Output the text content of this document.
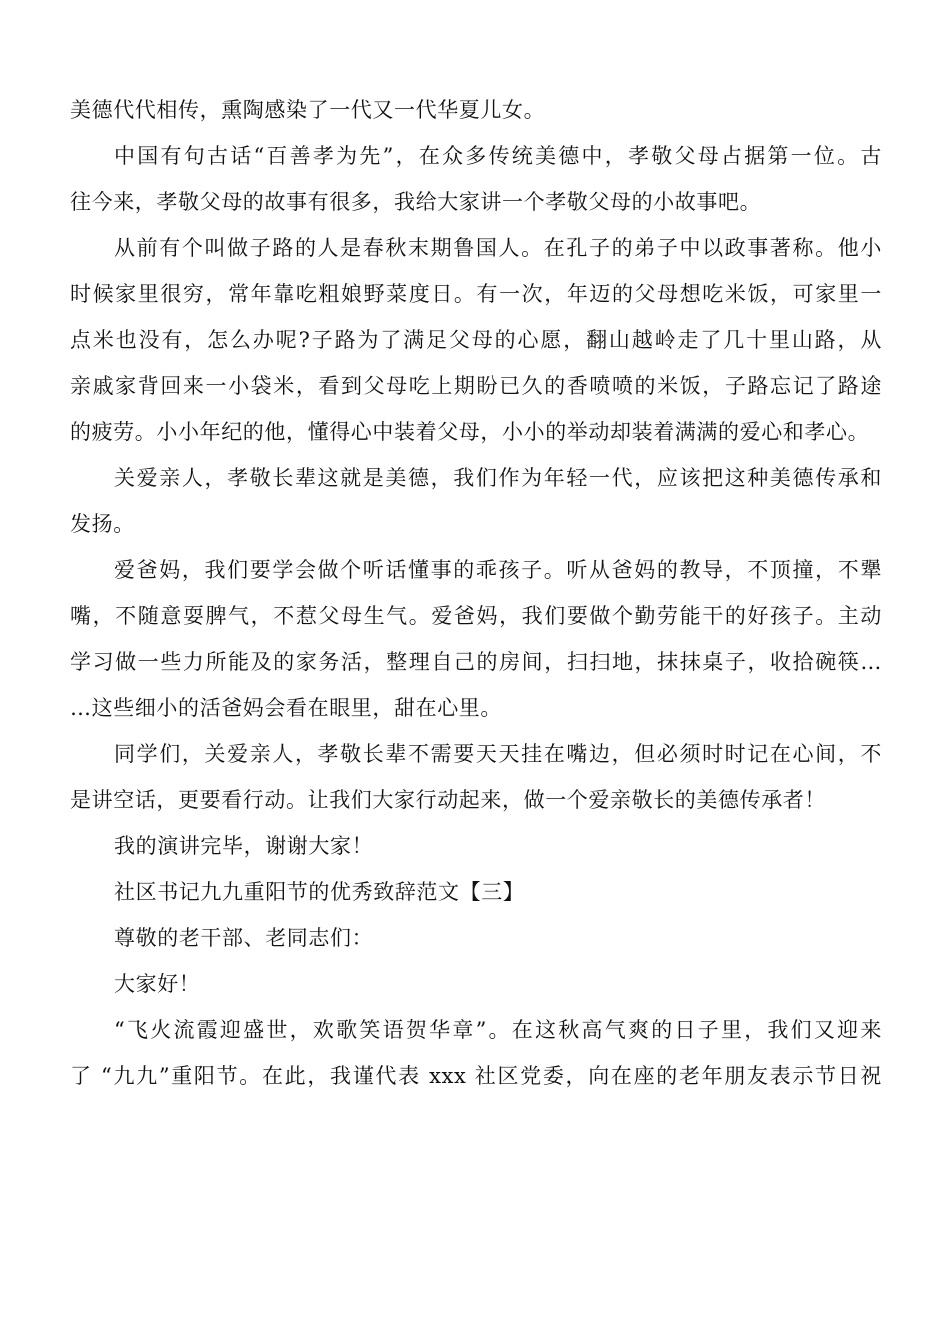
美德代代相传，熏陶感染了一代又一代华夏儿女。
中国有句古话“百善孝为先”，在众多传统美德中，孝敬父母占据第一位。古
往今来，孝敬父母的故事有很多，我给大家讲一个孝敬父母的小故事吧。
从前有个叫做子路的人是春秋末期鲁国人。在孔子的弟子中以政事著称。他小
时候家里很穷，常年靠吃粗娘野菜度日。有一次，年迈的父母想吃米饭，可家里一
点米也没有，怎么办呢?子路为了满足父母的心愿，翻山越岭走了几十里山路，从
亲戚家背回来一小袋米，看到父母吃上期盼已久的香喷喷的米饭，子路忘记了路途
的疲劳。小小年纪的他，懂得心中装着父母，小小的举动却装着满满的爱心和孝心。
关爱亲人，孝敬长辈这就是美德，我们作为年轻一代，应该把这种美德传承和
发扬。
爱爸妈，我们要学会做个听话懂事的乖孩子。听从爸妈的教导，不顶撞，不犟
嘴，不随意耍脾气，不惹父母生气。爱爸妈，我们要做个勤劳能干的好孩子。主动
学习做一些力所能及的家务活，整理自己的房间，扫扫地，抹抹桌子，收拾碗筷…
…这些细小的活爸妈会看在眼里，甜在心里。
同学们，关爱亲人，孝敬长辈不需要天天挂在嘴边，但必须时时记在心间，不
是讲空话，更要看行动。让我们大家行动起来，做一个爱亲敬长的美德传承者！
我的演讲完毕，谢谢大家！
社区书记九九重阳节的优秀致辞范文【三】
尊敬的老干部、老同志们：
大家好！
“飞火流霞迎盛世，欢歌笑语贺华章”。在这秋高气爽的日子里，我们又迎来
了 “九九”重阳节。在此，我谨代表 xxx 社区党委，向在座的老年朋友表示节日祝
